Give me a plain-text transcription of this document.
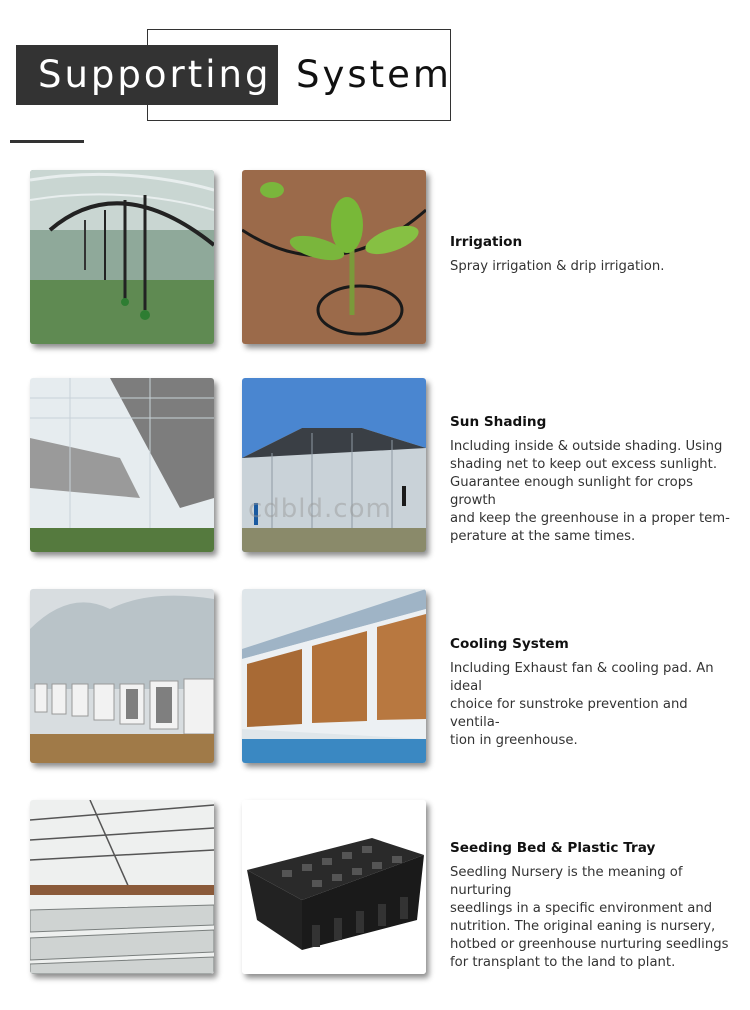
Supporting System
Irrigation
Spray irrigation & drip irrigation.
Sun Shading
Including inside & outside shading. Using
shading net to keep out excess sunlight.
Guarantee enough sunlight for crops growth
and keep the greenhouse in a proper tem-
perature at the same times.
cdbld.com
Cooling System
Including Exhaust fan & cooling pad. An ideal
choice for sunstroke prevention and ventila-
tion in greenhouse.
Seeding Bed & Plastic Tray
Seedling Nursery is the meaning of nurturing
seedlings in a specific environment and
nutrition. The original eaning is nursery,
hotbed or greenhouse nurturing seedlings
for transplant to the land to plant.
